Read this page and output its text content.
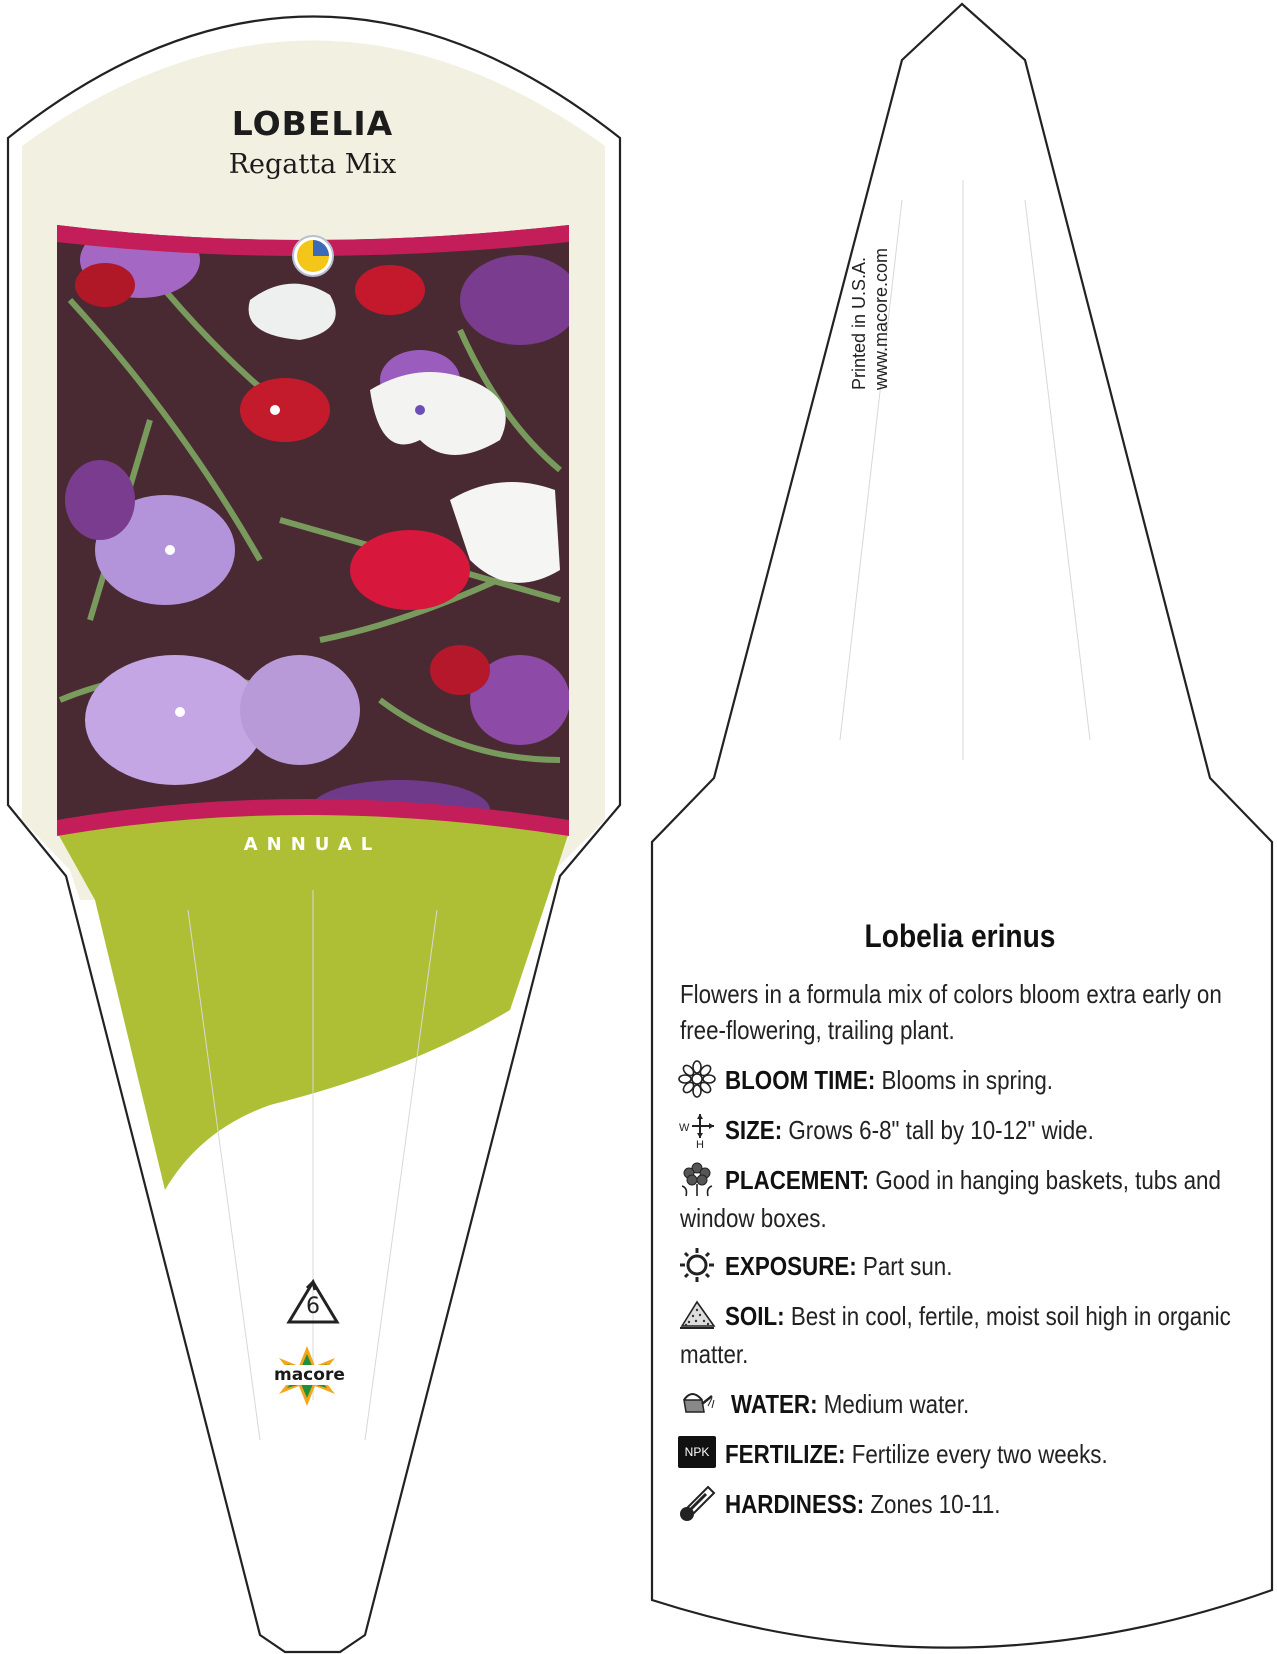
LOBELIA
Regatta Mix
ANNUAL
6
macore
Printed in U.S.A. www.macore.com
Lobelia erinus
Flowers in a formula mix of colors bloom extra early on
free-flowering, trailing plant.
BLOOM TIME: Blooms in spring.
SIZE: Grows 6-8" tall by 10-12" wide.
PLACEMENT: Good in hanging baskets, tubs and
window boxes.
EXPOSURE: Part sun.
SOIL: Best in cool, fertile, moist soil high in organic
matter.
WATER: Medium water.
FERTILIZE: Fertilize every two weeks.
HARDINESS: Zones 10-11.
W
H
NPK
